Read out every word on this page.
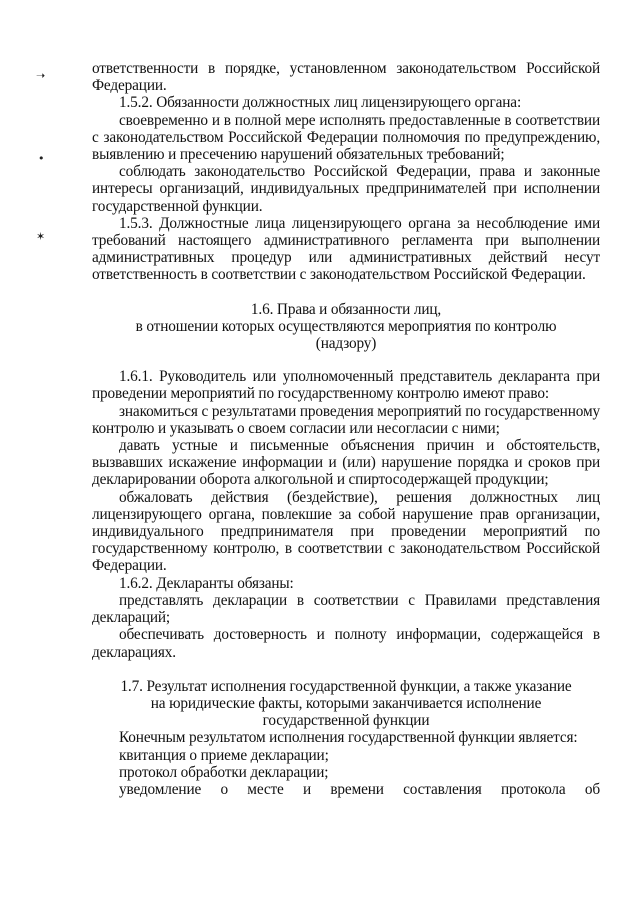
➝
•
✶

ответственности в порядке, установленном законодательством Российской Федерации.

1.5.2. Обязанности должностных лиц лицензирующего органа:

своевременно и в полной мере исполнять предоставленные в соответствии с законодательством Российской Федерации полномочия по предупреждению, выявлению и пресечению нарушений обязательных требований;

соблюдать законодательство Российской Федерации, права и законные интересы организаций, индивидуальных предпринимателей при исполнении государственной функции.

1.5.3. Должностные лица лицензирующего органа за несоблюдение ими требований настоящего административного регламента при выполнении административных процедур или административных действий несут ответственность в соответствии с законодательством Российской Федерации.

1.6. Права и обязанности лиц,

в отношении которых осуществляются мероприятия по контролю

(надзору)

1.6.1. Руководитель или уполномоченный представитель декларанта при проведении мероприятий по государственному контролю имеют право:

знакомиться с результатами проведения мероприятий по государственному контролю и указывать о своем согласии или несогласии с ними;

давать устные и письменные объяснения причин и обстоятельств, вызвавших искажение информации и (или) нарушение порядка и сроков при декларировании оборота алкогольной и спиртосодержащей продукции;

обжаловать действия (бездействие), решения должностных лиц лицензирующего органа, повлекшие за собой нарушение прав организации, индивидуального предпринимателя при проведении мероприятий по государственному контролю, в соответствии с законодательством Российской Федерации.

1.6.2. Декларанты обязаны:

представлять декларации в соответствии с Правилами представления деклараций;

обеспечивать достоверность и полноту информации, содержащейся в декларациях.

1.7. Результат исполнения государственной функции, а также указание

на юридические факты, которыми заканчивается исполнение

государственной функции

Конечным результатом исполнения государственной функции является:

квитанция о приеме декларации;

протокол обработки декларации;

уведомление о месте и времени составления протокола об
